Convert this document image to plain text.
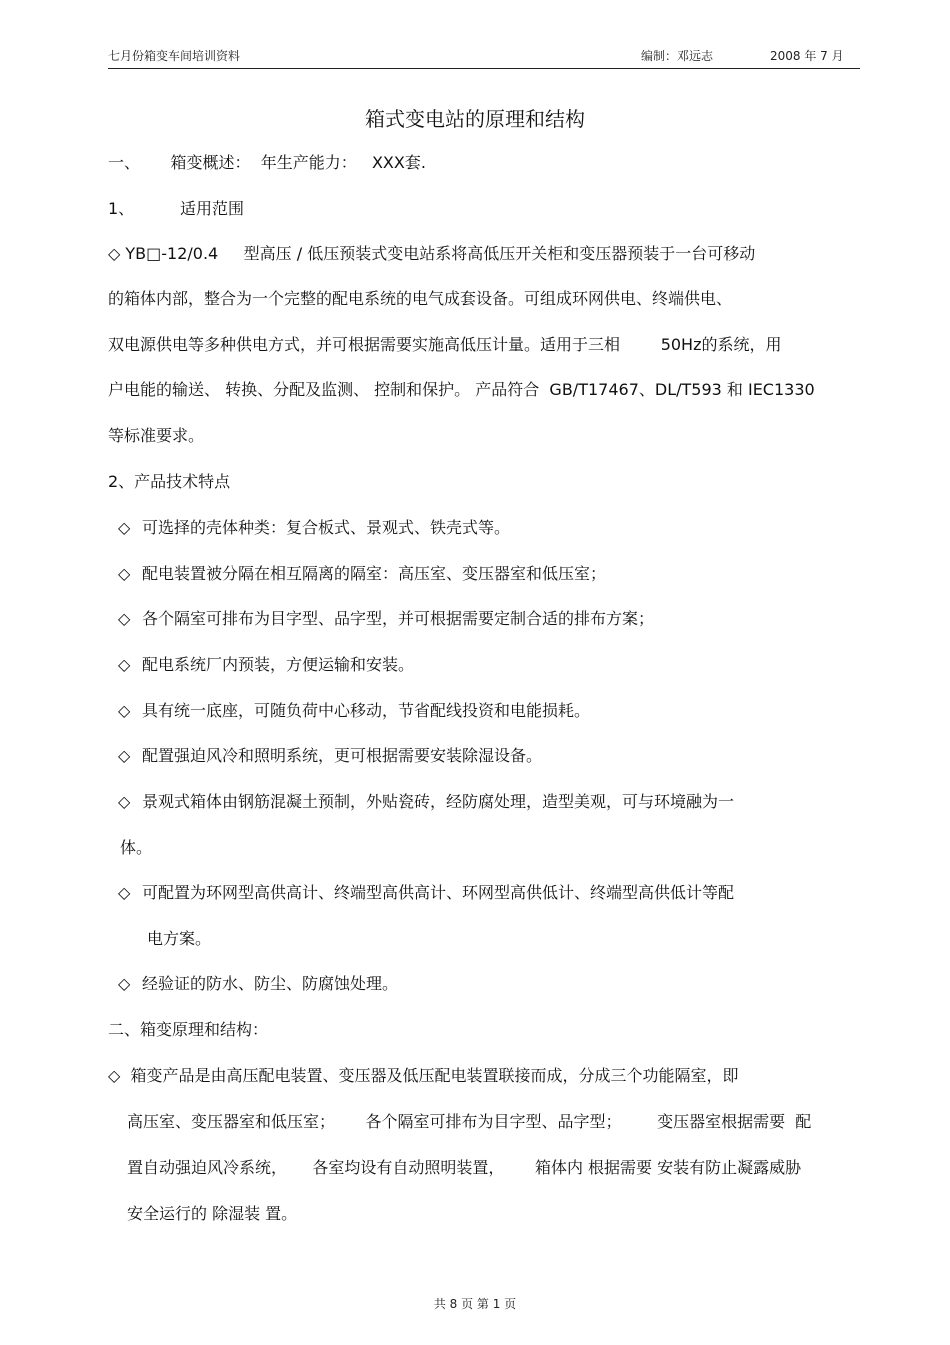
七月份箱变车间培训资料	编制：邓远志	2008 年 7 月
箱式变电站的原理和结构
一、      箱变概述：  年生产能力：   XXX套.
1、         适用范围
◇ YB□-12/0.4     型高压 / 低压预装式变电站系将高低压开关柜和变压器预装于一台可移动
的箱体内部，整合为一个完整的配电系统的电气成套设备。可组成环网供电、终端供电、
双电源供电等多种供电方式，并可根据需要实施高低压计量。适用于三相        50Hz的系统，用
户电能的输送、 转换、分配及监测、 控制和保护。 产品符合  GB/T17467、DL/T593 和 IEC1330
等标准要求。
2、产品技术特点
◇ 可选择的壳体种类：复合板式、景观式、铁壳式等。
◇ 配电装置被分隔在相互隔离的隔室：高压室、变压器室和低压室；
◇ 各个隔室可排布为目字型、品字型，并可根据需要定制合适的排布方案；
◇ 配电系统厂内预装，方便运输和安装。
◇ 具有统一底座，可随负荷中心移动，节省配线投资和电能损耗。
◇ 配置强迫风冷和照明系统，更可根据需要安装除湿设备。
◇ 景观式箱体由钢筋混凝土预制，外贴瓷砖，经防腐处理，造型美观，可与环境融为一
体。
◇ 可配置为环网型高供高计、终端型高供高计、环网型高供低计、终端型高供低计等配
电方案。
◇ 经验证的防水、防尘、防腐蚀处理。
二、箱变原理和结构：
◇  箱变产品是由高压配电装置、变压器及低压配电装置联接而成，分成三个功能隔室，即
高压室、变压器室和低压室；      各个隔室可排布为目字型、品字型；       变压器室根据需要  配
置自动强迫风冷系统，     各室均设有自动照明装置，      箱体内 根据需要 安装有防止凝露威胁
安全运行的 除湿装 置。
共 8 页 第 1 页
